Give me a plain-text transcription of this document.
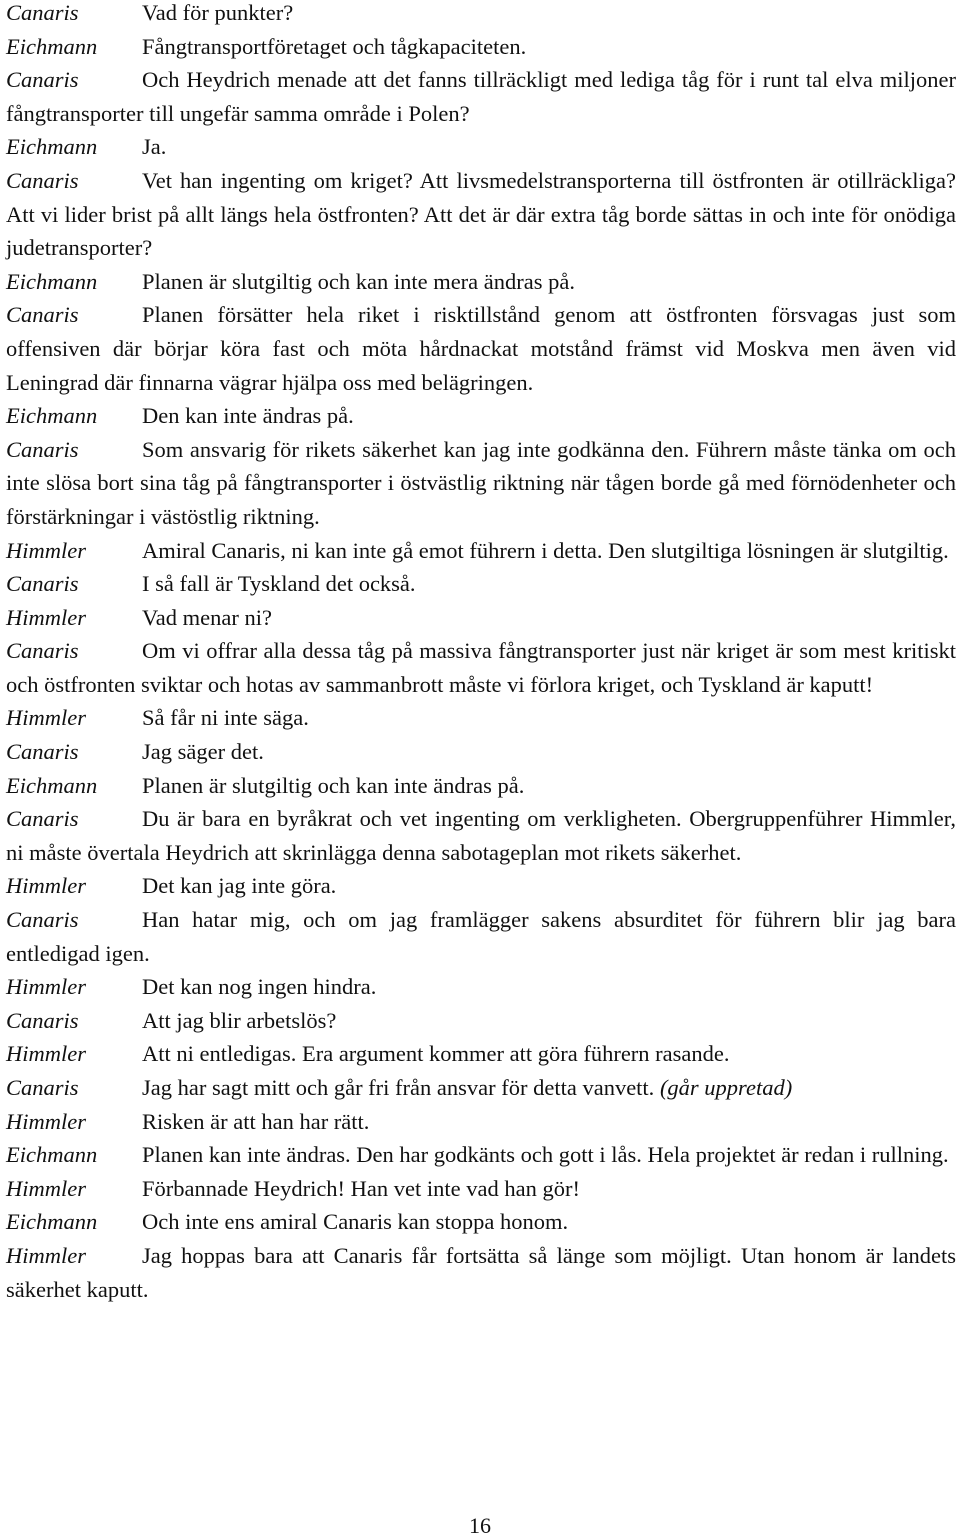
Canaris	Vad för punkter?
Eichmann Fångtransportföretaget och tågkapaciteten.
Canaris	Och Heydrich menade att det fanns tillräckligt med lediga tåg för i runt tal elva miljoner fångtransporter till ungefär samma område i Polen?
Eichmann Ja.
Canaris	Vet han ingenting om kriget? Att livsmedelstransporterna till östfronten är otillräckliga? Att vi lider brist på allt längs hela östfronten? Att det är där extra tåg borde sättas in och inte för onödiga judetransporter?
Eichmann Planen är slutgiltig och kan inte mera ändras på.
Canaris	Planen försätter hela riket i risktillstånd genom att östfronten försvagas just som offensiven där börjar köra fast och möta hårdnackat motstånd främst vid Moskva men även vid Leningrad där finnarna vägrar hjälpa oss med belägringen.
Eichmann Den kan inte ändras på.
Canaris	Som ansvarig för rikets säkerhet kan jag inte godkänna den. Führern måste tänka om och inte slösa bort sina tåg på fångtransporter i östvästlig riktning när tågen borde gå med förnödenheter och förstärkningar i västöstlig riktning.
Himmler Amiral Canaris, ni kan inte gå emot führern i detta. Den slutgiltiga lösningen är slutgiltig.
Canaris	I så fall är Tyskland det också.
Himmler Vad menar ni?
Canaris	Om vi offrar alla dessa tåg på massiva fångtransporter just när kriget är som mest kritiskt och östfronten sviktar och hotas av sammanbrott måste vi förlora kriget, och Tyskland är kaputt!
Himmler Så får ni inte säga.
Canaris	Jag säger det.
Eichmann Planen är slutgiltig och kan inte ändras på.
Canaris	Du är bara en byråkrat och vet ingenting om verkligheten. Obergruppenführer Himmler, ni måste övertala Heydrich att skrinlägga denna sabotageplan mot rikets säkerhet.
Himmler Det kan jag inte göra.
Canaris	Han hatar mig, och om jag framlägger sakens absurditet för führern blir jag bara entledigad igen.
Himmler Det kan nog ingen hindra.
Canaris	Att jag blir arbetslös?
Himmler Att ni entledigas. Era argument kommer att göra führern rasande.
Canaris	Jag har sagt mitt och går fri från ansvar för detta vanvett. (går uppretad)
Himmler Risken är att han har rätt.
Eichmann Planen kan inte ändras. Den har godkänts och gott i lås. Hela projektet är redan i rullning.
Himmler Förbannade Heydrich! Han vet inte vad han gör!
Eichmann Och inte ens amiral Canaris kan stoppa honom.
Himmler Jag hoppas bara att Canaris får fortsätta så länge som möjligt. Utan honom är landets säkerhet kaputt.
16
